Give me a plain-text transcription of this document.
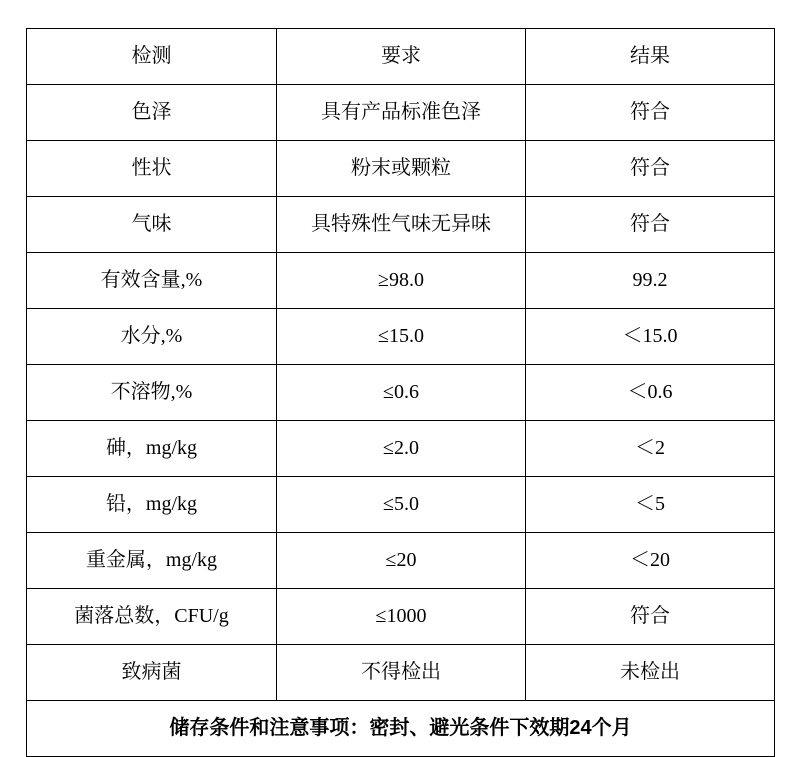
检测	要求	结果
色泽	具有产品标准色泽	符合
性状	粉末或颗粒	符合
气味	具特殊性气味无异味	符合
有效含量,%	≥98.0	99.2
水分,%	≤15.0	＜15.0
不溶物,%	≤0.6	＜0.6
砷，mg/kg	≤2.0	＜2
铅，mg/kg	≤5.0	＜5
重金属，mg/kg	≤20	＜20
菌落总数，CFU/g	≤1000	符合
致病菌	不得检出	未检出
储存条件和注意事项：密封、避光条件下效期24个月		
